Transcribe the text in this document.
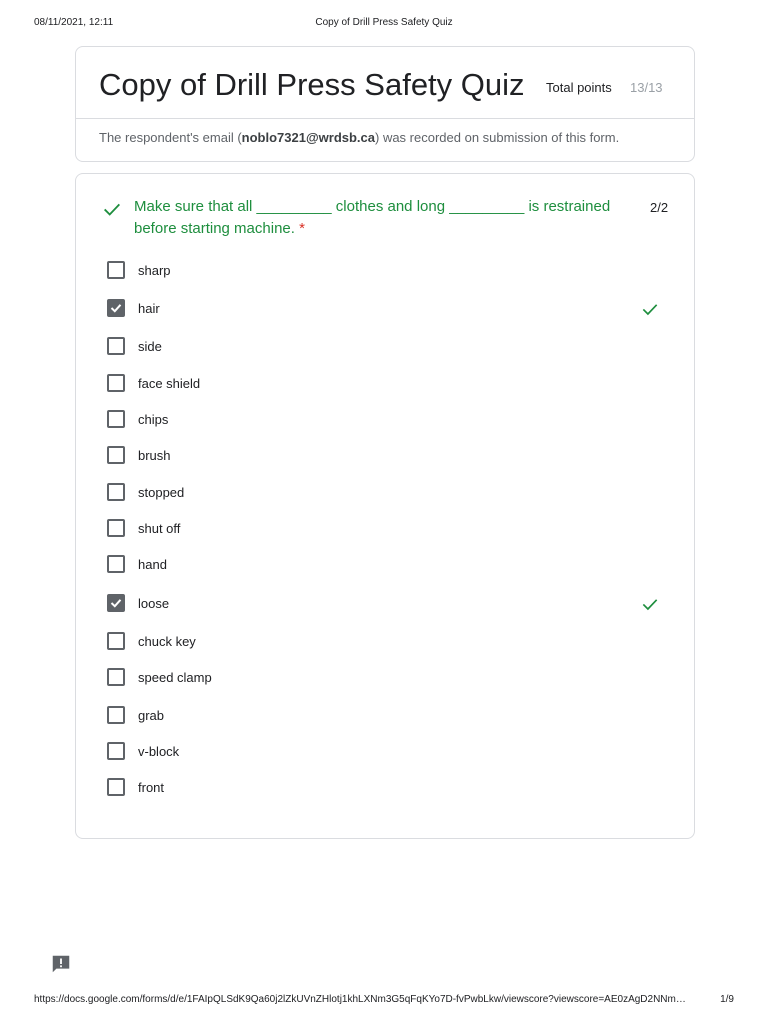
08/11/2021, 12:11	Copy of Drill Press Safety Quiz
Copy of Drill Press Safety Quiz Total points 13/13
The respondent's email (noblo7321@wrdsb.ca) was recorded on submission of this form.
Make sure that all _________ clothes and long _________ is restrained before starting machine. *
2/2
sharp
hair
side
face shield
chips
brush
stopped
shut off
hand
loose
chuck key
speed clamp
grab
v-block
front
https://docs.google.com/forms/d/e/1FAIpQLSdK9Qa60j2lZkUVnZHlotj1khLXNm3G5qFqKYo7D-fvPwbLkw/viewscore?viewscore=AE0zAgD2NNm…	1/9
